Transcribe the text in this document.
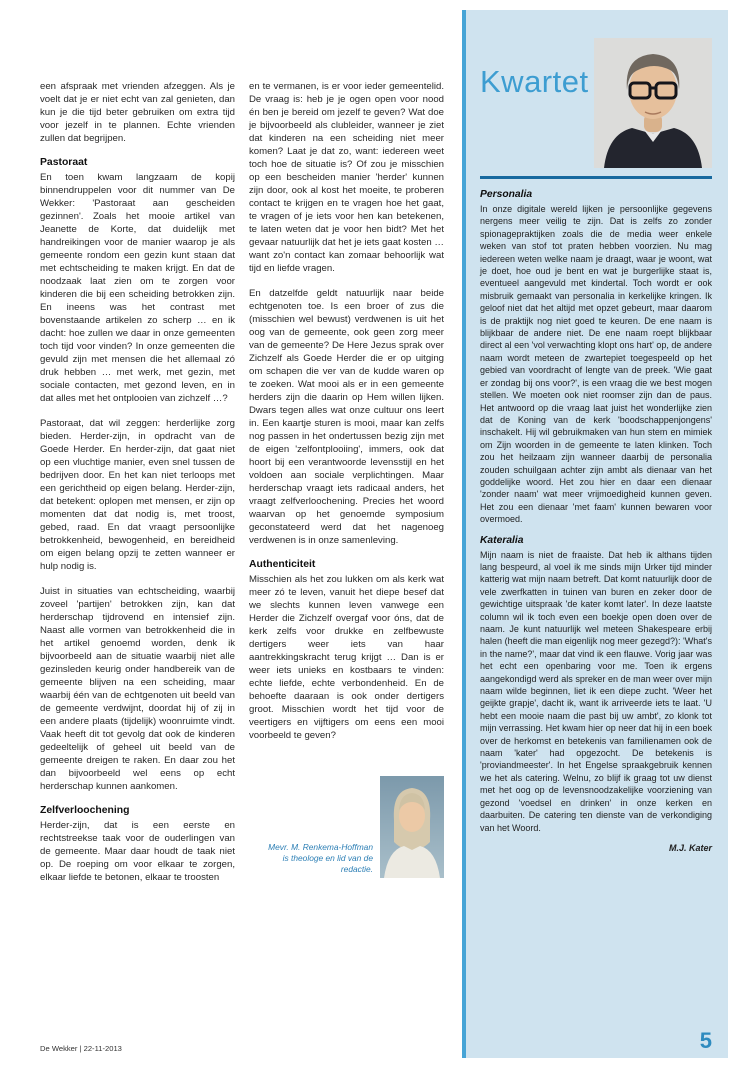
een afspraak met vrienden afzeggen. Als je voelt dat je er niet echt van zal genieten, dan kun je die tijd beter gebruiken om extra tijd voor jezelf in te plannen. Echte vrienden zullen dat begrijpen.

Pastoraat

En toen kwam langzaam de kopij binnendruppelen voor dit nummer van De Wekker: 'Pastoraat aan gescheiden gezinnen'. Zoals het mooie artikel van Jeanette de Korte, dat duidelijk met handreikingen voor de manier waarop je als gemeente rondom een gezin kunt staan dat met echtscheiding te maken krijgt. En dat de noodzaak laat zien om te zorgen voor kinderen die bij een scheiding betrokken zijn. En ineens was het contrast met bovenstaande artikelen zo scherp … en ik dacht: hoe zullen we daar in onze gemeenten toch tijd voor vinden? In onze gemeenten die gevuld zijn met mensen die het allemaal zó druk hebben … met werk, met gezin, met sociale contacten, met gezond leven, en in dat alles met het ontplooien van zichzelf …?

Pastoraat, dat wil zeggen: herderlijke zorg bieden. Herder-zijn, in opdracht van de Goede Herder. En herder-zijn, dat gaat niet op een vluchtige manier, even snel tussen de bedrijven door. En het kan niet terloops met een gerichtheid op eigen belang. Herder-zijn, dat betekent: oplopen met mensen, er zijn op momenten dat dat nodig is, met troost, gebed, raad. En dat vraagt persoonlijke betrokkenheid, bewogenheid, en bereidheid om eigen belang opzij te zetten wanneer er hulp nodig is.

Juist in situaties van echtscheiding, waarbij zoveel 'partijen' betrokken zijn, kan dat herderschap tijdrovend en intensief zijn. Naast alle vormen van betrokkenheid die in het artikel genoemd worden, denk ik bijvoorbeeld aan de situatie waarbij niet alle gezinsleden keurig onder handbereik van de gemeente blijven na een scheiding, maar waarbij één van de echtgenoten uit beeld van de gemeente verdwijnt, doordat hij of zij in een andere plaats (tijdelijk) woonruimte vindt. Vaak heeft dit tot gevolg dat ook de kinderen gedeeltelijk of geheel uit beeld van de gemeente dreigen te raken. En daar zou het dan bijvoorbeeld wel eens op echt herderschap kunnen aankomen.

Zelfverloochening

Herder-zijn, dat is een eerste en rechtstreekse taak voor de ouderlingen van de gemeente. Maar daar houdt de taak niet op. De roeping om voor elkaar te zorgen, elkaar liefde te betonen, elkaar te troosten

en te vermanen, is er voor ieder gemeentelid. De vraag is: heb je je ogen open voor nood én ben je bereid om jezelf te geven? Wat doe je bijvoorbeeld als clubleider, wanneer je ziet dat kinderen na een scheiding niet meer komen? Laat je dat zo, want: iedereen weet toch hoe de situatie is? Of zou je misschien op een bescheiden manier 'herder' kunnen zijn door, ook al kost het moeite, te proberen contact te krijgen en te vragen hoe het gaat, te vragen of je iets voor hen kan betekenen, te laten weten dat je voor hen bidt? Met het gevaar natuurlijk dat het je iets gaat kosten … want zo'n contact kan zomaar behoorlijk wat tijd en liefde vragen.

En datzelfde geldt natuurlijk naar beide echtgenoten toe. Is een broer of zus die (misschien wel bewust) verdwenen is uit het oog van de gemeente, ook geen zorg meer van de gemeente? De Here Jezus sprak over Zichzelf als Goede Herder die er op uitging om schapen die ver van de kudde waren op te zoeken. Wat mooi als er in een gemeente herders zijn die daarin op Hem willen lijken. Dwars tegen alles wat onze cultuur ons leert in. Een kaartje sturen is mooi, maar kan zelfs nog passen in het ondertussen bezig zijn met de eigen 'zelfontplooiing', immers, ook dat hoort bij een verantwoorde levensstijl en het voldoen aan sociale verplichtingen. Maar herderschap vraagt iets radicaal anders, het vraagt zelfverloochening. Precies het woord waarvan op het genoemde symposium geconstateerd werd dat het nagenoeg verdwenen is in onze samenleving.

Authenticiteit

Misschien als het zou lukken om als kerk wat meer zó te leven, vanuit het diepe besef dat we slechts kunnen leven vanwege een Herder die Zichzelf overgaf voor óns, dat de kerk zelfs voor drukke en zelfbewuste dertigers weer iets van haar aantrekkingskracht terug krijgt … Dan is er weer iets unieks en kostbaars te vinden: echte liefde, echte verbondenheid. En de behoefte daaraan is ook onder dertigers groot. Misschien wordt het tijd voor de veertigers en vijftigers om eens een mooi voorbeeld te geven?

Mevr. M. Renkema-Hoffman is theologe en lid van de redactie.
Kwartet
Personalia

In onze digitale wereld lijken je persoonlijke gegevens nergens meer veilig te zijn. Dat is zelfs zo zonder spionagepraktijken zoals die de media weer enkele weken van stof tot praten hebben voorzien. Nu mag iedereen weten welke naam je draagt, waar je woont, wat je doet, hoe oud je bent en wat je burgerlijke staat is, eventueel aangevuld met kindertal. Toch wordt er ook misbruik gemaakt van personalia in kerkelijke kringen. Ik geloof niet dat het altijd met opzet gebeurt, maar daarom is de praktijk nog niet goed te keuren. De ene naam is blijkbaar de andere niet. De ene naam roept blijkbaar direct al een 'vol verwachting klopt ons hart' op, de andere naam wordt meteen de zwartepiet toegespeeld op het gebied van voordracht of lengte van de preek. 'Wie gaat er zondag bij ons voor?', is een vraag die we best mogen stellen. We moeten ook niet roomser zijn dan de paus. Het antwoord op die vraag laat juist het wonderlijke zien dat de Koning van de kerk 'boodschappenjongens' inschakelt. Hij wil gebruikmaken van hun stem en mimiek om Zijn woorden in de gemeente te laten klinken. Toch zou het heilzaam zijn wanneer daarbij de personalia zouden schuilgaan achter zijn ambt als dienaar van het goddelijke woord. Het zou hier en daar een dienaar 'zonder naam' wat meer vrijmoedigheid kunnen geven. Het zou een dienaar 'met faam' kunnen bewaren voor overmoed.

Kateralia

Mijn naam is niet de fraaiste. Dat heb ik althans tijden lang bespeurd, al voel ik me sinds mijn Urker tijd minder katterig wat mijn naam betreft. Dat komt natuurlijk door de vele zwerfkatten in tuinen van buren en zeker door de gewichtige uitspraak 'de kater komt later'. In deze laatste column wil ik toch even een boekje open doen over de naam. Je kunt natuurlijk wel meteen Shakespeare erbij halen (heeft die man eigenlijk nog meer gezegd?): 'What's in the name?', maar dat vind ik een flauwe. Vorig jaar was het echt een openbaring voor me. Toen ik ergens aangekondigd werd als spreker en de man weer over mijn naam wilde beginnen, liet ik een diepe zucht. 'Weer het geijkte grapje', dacht ik, want ik arriveerde iets te laat. 'U hebt een mooie naam die past bij uw ambt', zo klonk tot mijn verrassing. Het kwam hier op neer dat hij in een boek over de herkomst en betekenis van familienamen ook de naam 'kater' had opgezocht. De betekenis is 'proviandmeester'. In het Engelse spraakgebruik kennen we het als catering. Welnu, zo blijf ik graag tot uw dienst met het oog op de levensnoodzakelijke voorziening van gezond 'voedsel en drinken' in onze kerken en daarbuiten. De catering ten dienste van de verkondiging van het Woord.

M.J. Kater
De Wekker | 22-11-2013	5
